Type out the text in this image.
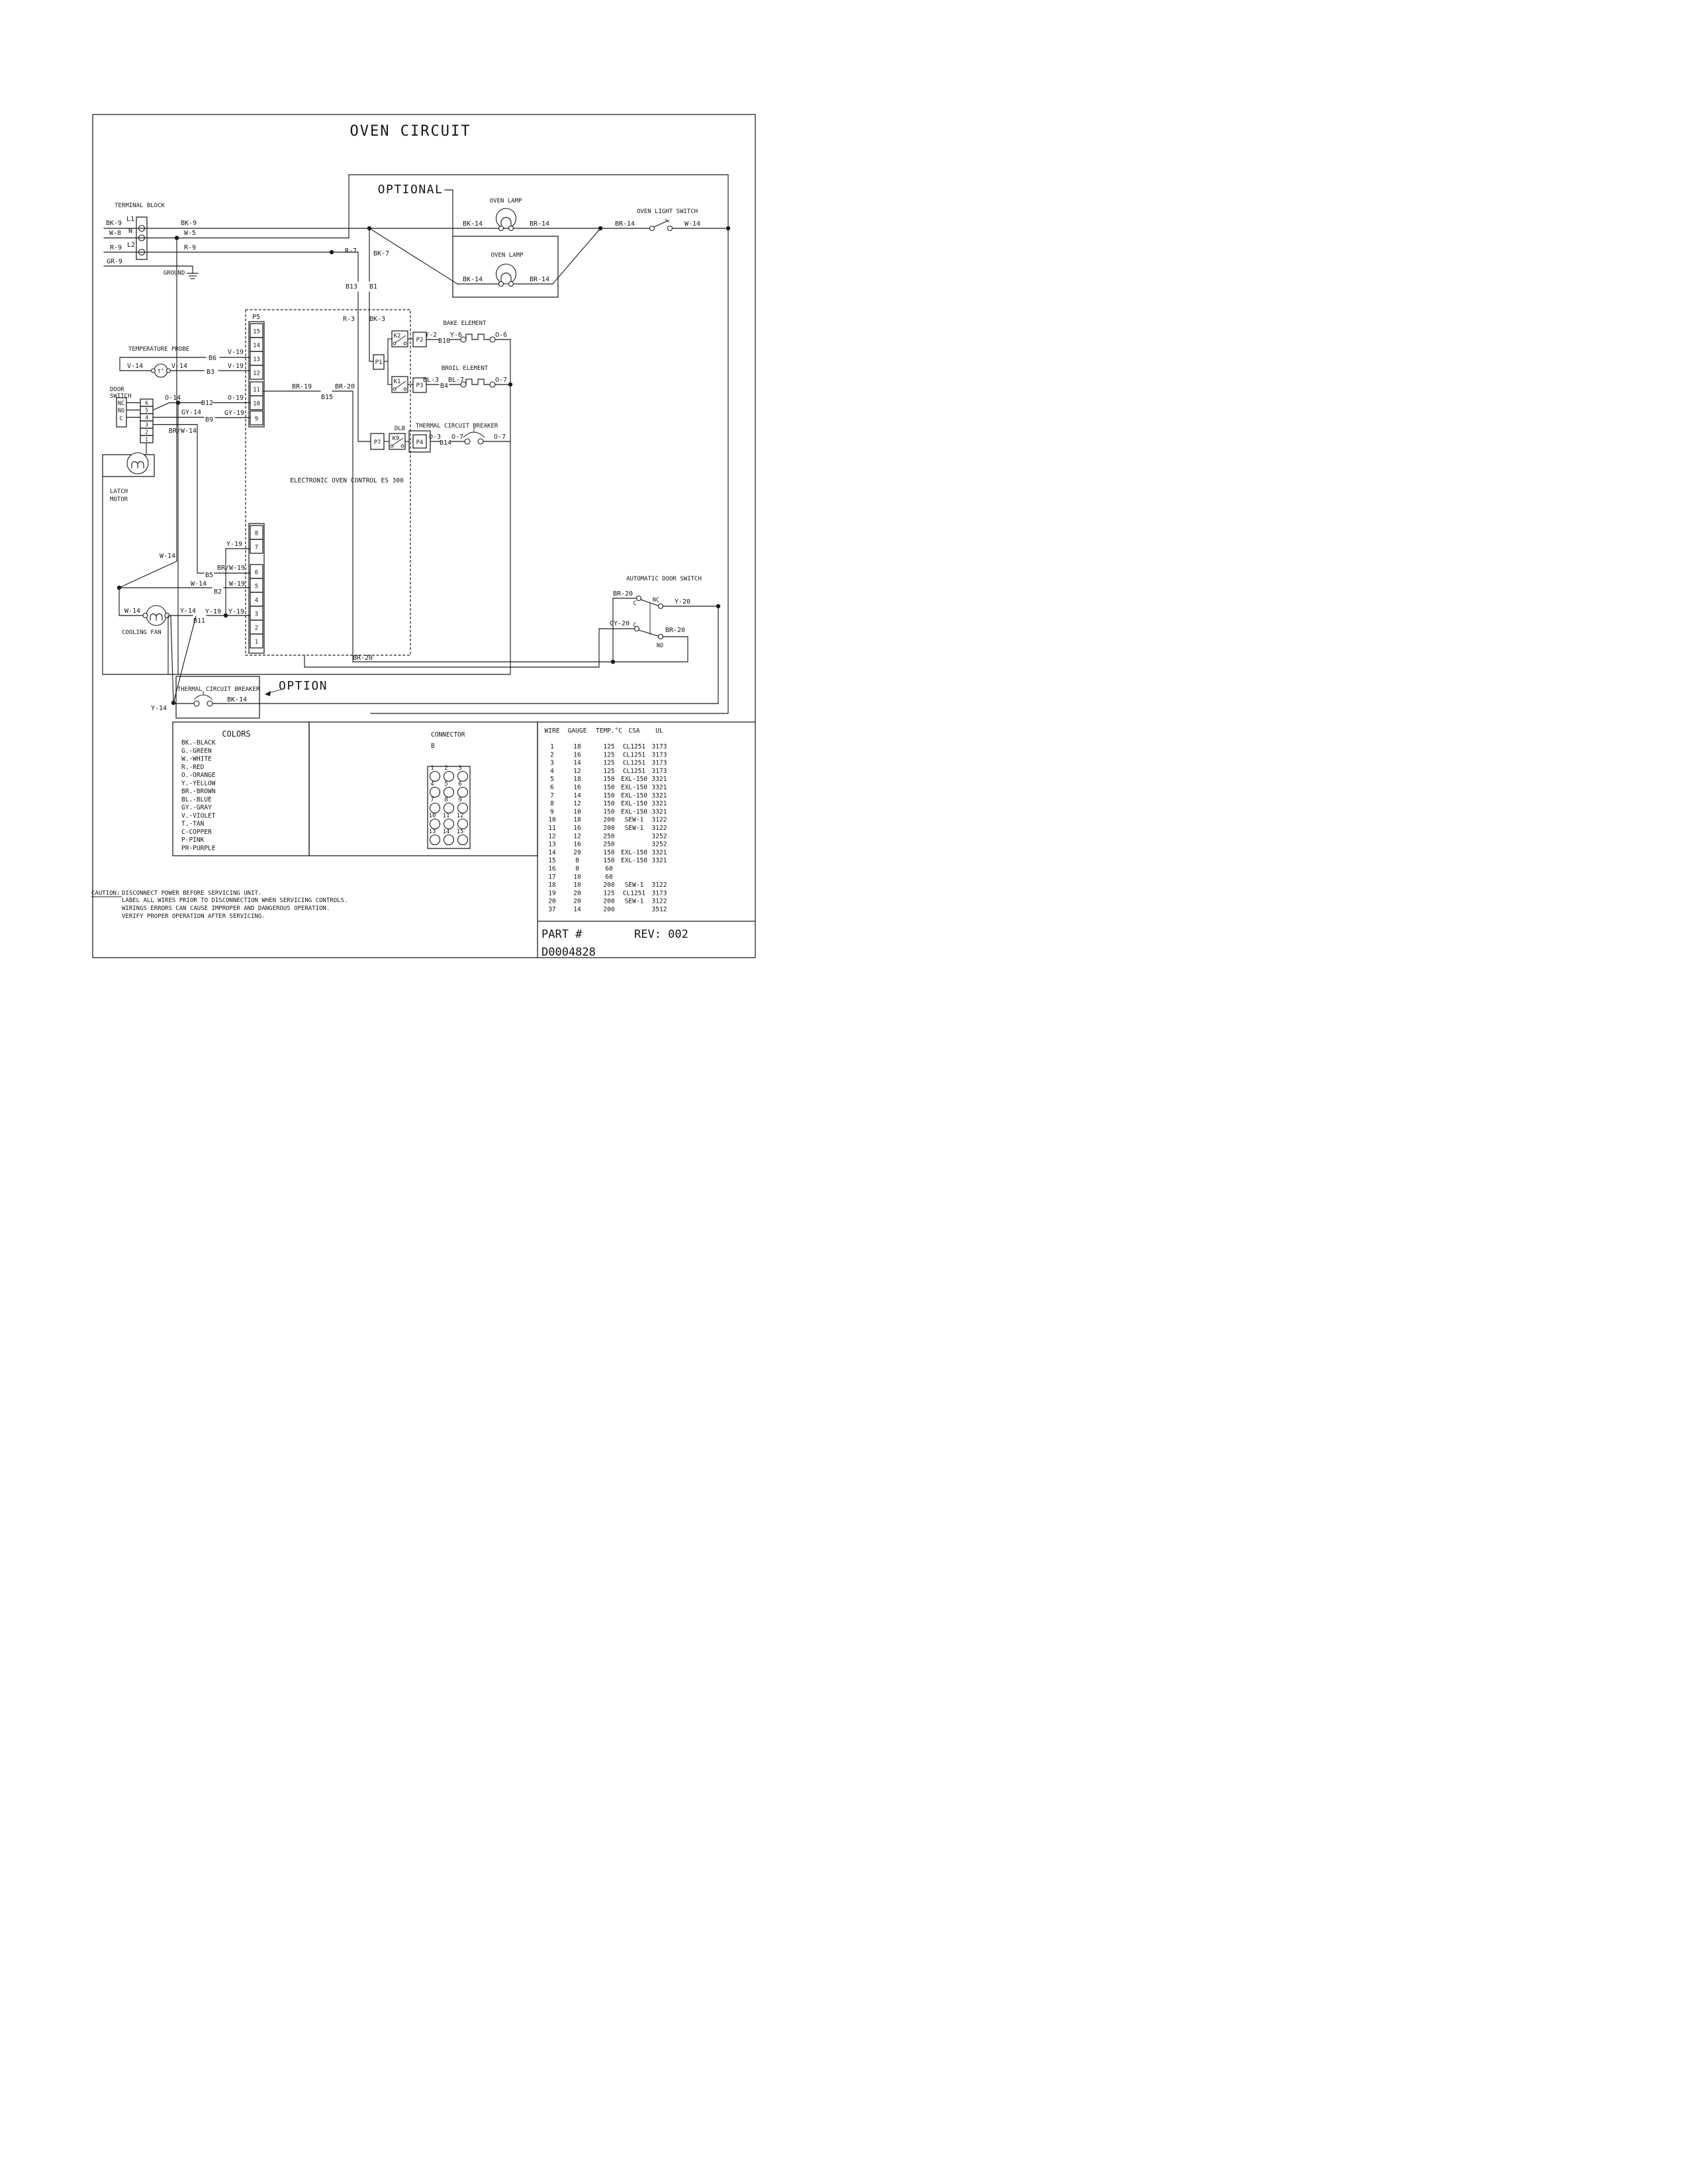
OVEN CIRCUIT
TERMINAL BLOCK
L1
N
L2
BK-9
W-8
R-9
GR-9
BK-9
W-5
R-9
GROUND
R-7 BK-7
B13 B1
OPTIONAL
OVEN LAMP
BK-14	BR-14
OVEN LIGHT SWITCH
BR-14	W-14
OVEN LAMP
BK-14	BR-14
TEMPERATURE PROBE
V-14	V-14
B6
V-19
B3
V-19
DOOR
SWITCH
NC
NO
C
O-14
B12
O-19
GY-14
B9
GY-19
BR/W-14
LATCH
MOTOR
P5	R-3 BK-3
BR-19
B15
BR-20
ELECTRONIC OVEN CONTROL ES 300
K2
P2
K1
P3
P1
DLB
P7
K9
P4
BAKE ELEMENT
Y-2
B10
Y-6	O-6
BROIL ELEMENT
BL-3
B4
BL-7	O-7
THERMAL CIRCUIT BREAKER
O-3
B14
O-7	O-7
Y-19
W-14
B5
BR/W-19
W-14
B2
W-19
W-14	Y-14
B11
Y-19 Y-19
COOLING FAN
AUTOMATIC DOOR SWITCH
BR-20
C	NC Y-20
GY-20 C
BR-20
NO
BR-20
THERMAL CIRCUIT BREAKER
BK-14
OPTION
Y-14
t°
15
14
13
12
11
10
9
8
7
6
5
4
3
2
1
6
5
4
3
2
1
COLORS
BK.-BLACK
G.-GREEN
W.-WHITE
R.-RED
O.-ORANGE
Y.-YELLOW
BR.-BROWN
BL.-BLUE
GY.-GRAY
V.-VIOLET
T.-TAN
C-COPPER
P-PINK
PR-PURPLE
CONNECTOR
B
1 2 3
4 5 6
7 8 9
10 11 12
13 14 15
WIRE GAUGE TEMP.°C CSA UL
1	18	125 CL1251 3173
2	16	125 CL1251 3173
3	14	125 CL1251 3173
4	12	125 CL1251 3173
5	18	150 EXL-150 3321
6	16	150 EXL-150 3321
7	14	150 EXL-150 3321
8	12	150 EXL-150 3321
9	10	150 EXL-150 3321
10	18	200 SEW-1 3122
11	16	200 SEW-1 3122
12	12	250	3252
13	16	250	3252
14	20	150 EXL-150 3321
15	8	150 EXL-150 3321
16	8	60
17	10	60
18	10	200 SEW-1 3122
19	20	125 CL1251 3173
20	20	200 SEW-1 3122
37	14	200	3512
CAUTION: DISCONNECT POWER BEFORE SERVICING UNIT.
LABEL ALL WIRES PRIOR TO DISCONNECTION WHEN SERVICING CONTROLS.
WIRINGS ERRORS CAN CAUSE IMPROPER AND DANGEROUS OPERATION.
VERIFY PROPER OPERATION AFTER SERVICING.
PART #	REV: 002
D0004828
